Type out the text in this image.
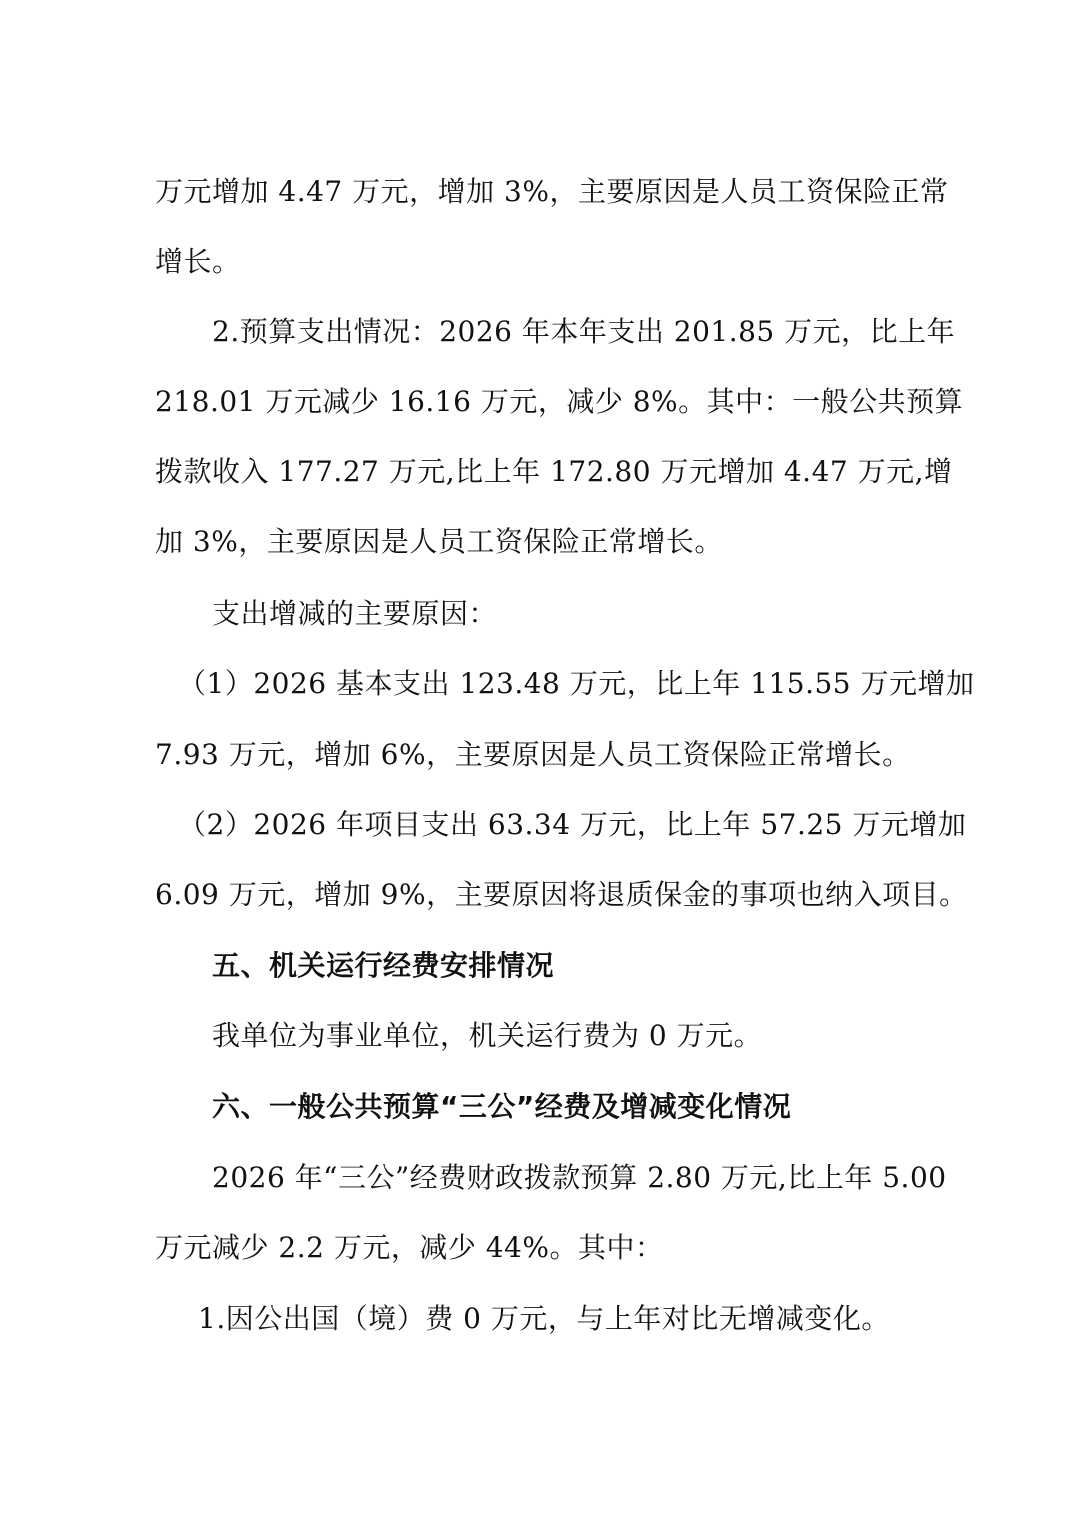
万元增加 4.47 万元，增加 3%，主要原因是人员工资保险正常
增长。
2.预算支出情况：2026 年本年支出 201.85 万元，比上年
218.01 万元减少 16.16 万元，减少 8%。其中：一般公共预算
拨款收入 177.27 万元,比上年 172.80 万元增加 4.47 万元,增
加 3%，主要原因是人员工资保险正常增长。
支出增减的主要原因：
（1）2026 基本支出 123.48 万元，比上年 115.55 万元增加
7.93 万元，增加 6%，主要原因是人员工资保险正常增长。
（2）2026 年项目支出 63.34 万元，比上年 57.25 万元增加
6.09 万元，增加 9%，主要原因将退质保金的事项也纳入项目。
五、机关运行经费安排情况
我单位为事业单位，机关运行费为 0 万元。
六、一般公共预算“三公”经费及增减变化情况
2026 年“三公”经费财政拨款预算 2.80 万元,比上年 5.00
万元减少 2.2 万元，减少 44%。其中：
1.因公出国（境）费 0 万元，与上年对比无增减变化。
